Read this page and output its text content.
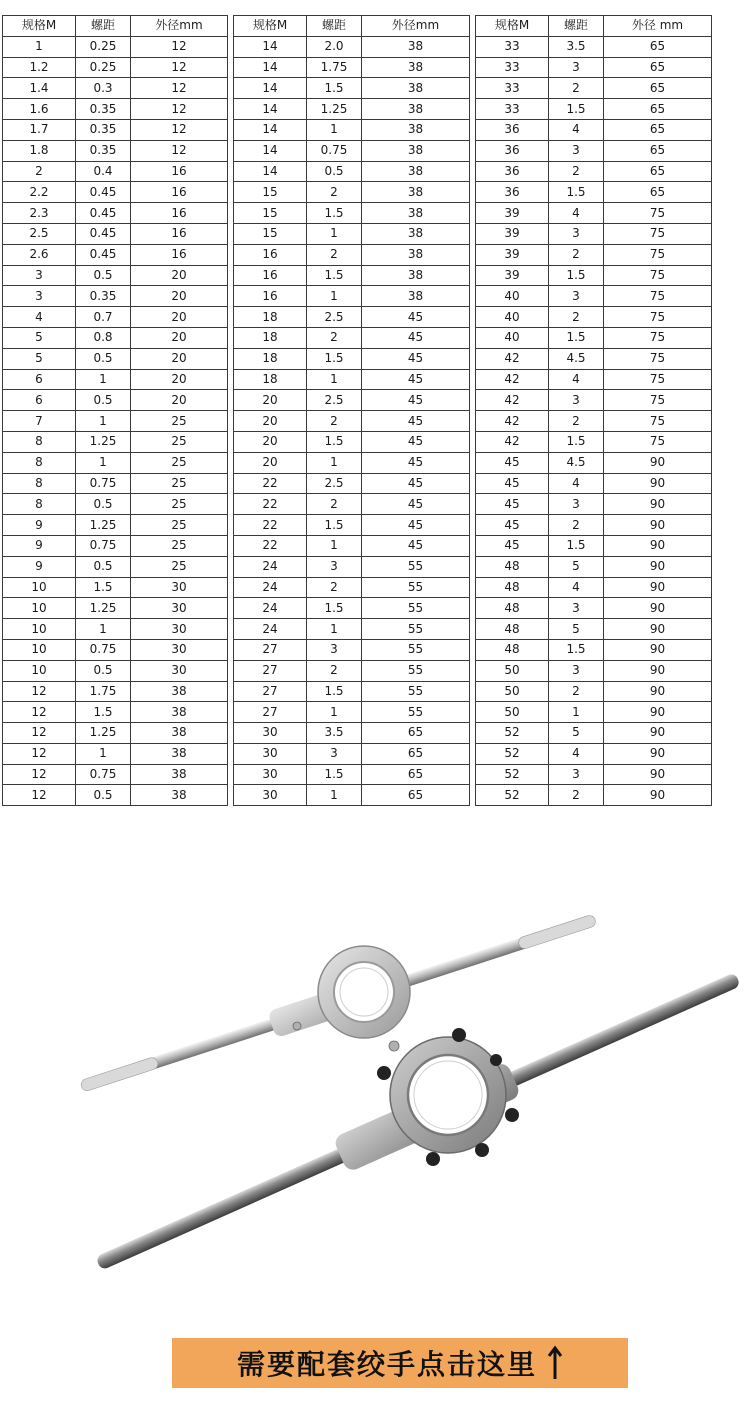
规格M	螺距	外径mm		规格M	螺距	外径mm		规格M	螺距	外径 mm
1	0.25	12		14	2.0	38		33	3.5	65
1.2	0.25	12		14	1.75	38		33	3	65
1.4	0.3	12		14	1.5	38		33	2	65
1.6	0.35	12		14	1.25	38		33	1.5	65
1.7	0.35	12		14	1	38		36	4	65
1.8	0.35	12		14	0.75	38		36	3	65
2	0.4	16		14	0.5	38		36	2	65
2.2	0.45	16		15	2	38		36	1.5	65
2.3	0.45	16		15	1.5	38		39	4	75
2.5	0.45	16		15	1	38		39	3	75
2.6	0.45	16		16	2	38		39	2	75
3	0.5	20		16	1.5	38		39	1.5	75
3	0.35	20		16	1	38		40	3	75
4	0.7	20		18	2.5	45		40	2	75
5	0.8	20		18	2	45		40	1.5	75
5	0.5	20		18	1.5	45		42	4.5	75
6	1	20		18	1	45		42	4	75
6	0.5	20		20	2.5	45		42	3	75
7	1	25		20	2	45		42	2	75
8	1.25	25		20	1.5	45		42	1.5	75
8	1	25		20	1	45		45	4.5	90
8	0.75	25		22	2.5	45		45	4	90
8	0.5	25		22	2	45		45	3	90
9	1.25	25		22	1.5	45		45	2	90
9	0.75	25		22	1	45		45	1.5	90
9	0.5	25		24	3	55		48	5	90
10	1.5	30		24	2	55		48	4	90
10	1.25	30		24	1.5	55		48	3	90
10	1	30		24	1	55		48	5	90
10	0.75	30		27	3	55		48	1.5	90
10	0.5	30		27	2	55		50	3	90
12	1.75	38		27	1.5	55		50	2	90
12	1.5	38		27	1	55		50	1	90
12	1.25	38		30	3.5	65		52	5	90
12	1	38		30	3	65		52	4	90
12	0.75	38		30	1.5	65		52	3	90
12	0.5	38		30	1	65		52	2	90
需要配套绞手点击这里
